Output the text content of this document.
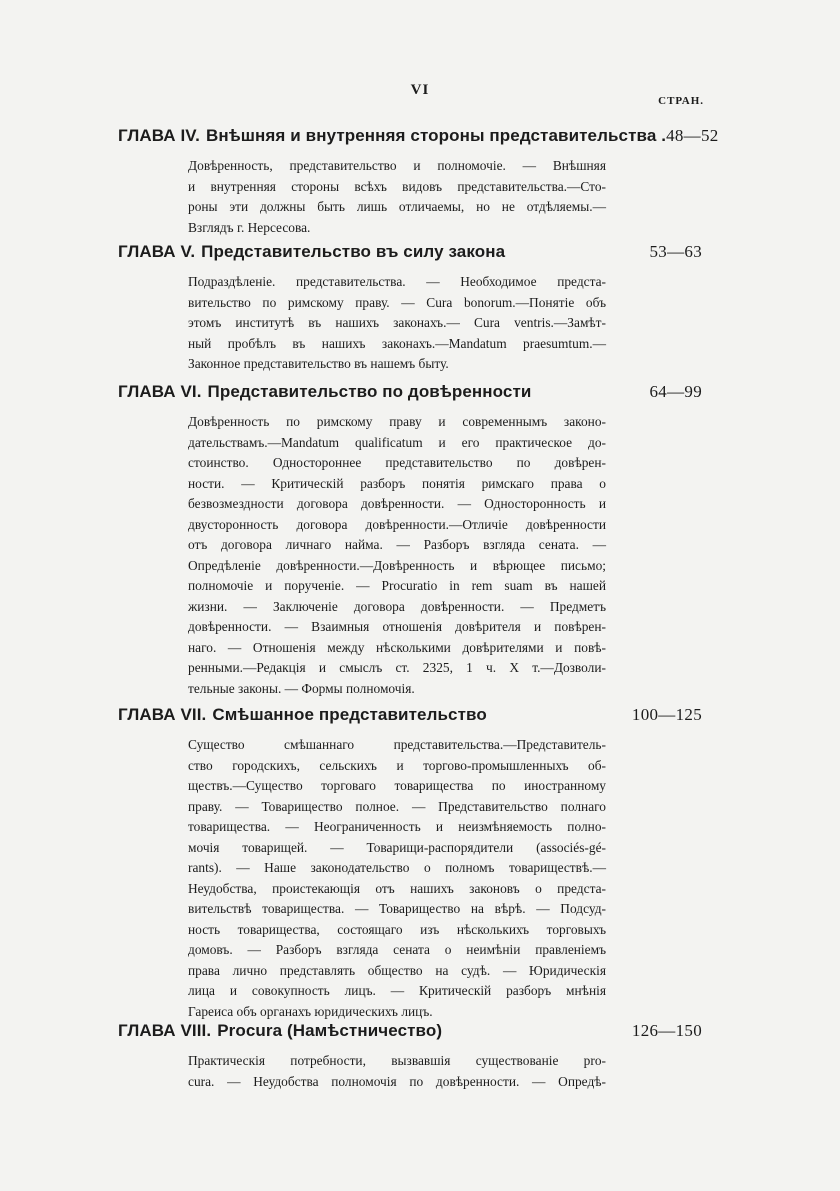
VI
СТРАН.
ГЛАВА IV. Внѣшняя и внутренняя стороны представительства . 48—52
Довѣренность, представительство и полномочіе. — Внѣшняя
и внутренняя стороны всѣхъ видовъ представительства.—Сто-
роны эти должны быть лишь отличаемы, но не отдѣляемы.—
Взглядъ г. Нерсесова.
ГЛАВА V. Представительство въ силу закона	53—63
Подраздѣленіе. представительства. — Необходимое предста-
вительство по римскому праву. — Cura bonorum.—Понятіе объ
этомъ институтѣ въ нашихъ законахъ.— Cura ventris.—Замѣт-
ный пробѣлъ въ нашихъ законахъ.—Mandatum praesumtum.—
Законное представительство въ нашемъ быту.
ГЛАВА VI. Представительство по довѣренности	64—99
Довѣренность по римскому праву и современнымъ законо-
дательствамъ.—Mandatum qualificatum и его практическое до-
стоинство. Одностороннее представительство по довѣрен-
ности. — Критическій разборъ понятія римскаго права о
безвозмездности договора довѣренности. — Односторонность и
двусторонность договора довѣренности.—Отличіе довѣренности
отъ договора личнаго найма. — Разборъ взгляда сената. —
Опредѣленіе довѣренности.—Довѣренность и вѣрющее письмо;
полномочіе и порученіе. — Procuratio in rem suam въ нашей
жизни. — Заключеніе договора довѣренности. — Предметъ
довѣренности. — Взаимныя отношенія довѣрителя и повѣрен-
наго. — Отношенія между нѣсколькими довѣрителями и повѣ-
ренными.—Редакція и смыслъ ст. 2325, 1 ч. X т.—Дозволи-
тельные законы. — Формы полномочія.
ГЛАВА VII. Смѣшанное представительство	100—125
Существо смѣшаннаго представительства.—Представитель-
ство городскихъ, сельскихъ и торгово-промышленныхъ об-
ществъ.—Существо торговаго товарищества по иностранному
праву. — Товарищество полное. — Представительство полнаго
товарищества. — Неограниченность и неизмѣняемость полно-
мочія товарищей. — Товарищи-распорядители (associés-gé-
rants). — Наше законодательство о полномъ товариществѣ.—
Неудобства, проистекающія отъ нашихъ законовъ о предста-
вительствѣ товарищества. — Товарищество на вѣрѣ. — Подсуд-
ность товарищества, состоящаго изъ нѣсколькихъ торговыхъ
домовъ. — Разборъ взгляда сената о неимѣніи правленіемъ
права лично представлять общество на судѣ. — Юридическія
лица и совокупность лицъ. — Критическій разборъ мнѣнія
Гареиса объ органахъ юридическихъ лицъ.
ГЛАВА VIII. Procura (Намѣстничество)	126—150
Практическія потребности, вызвавшія существованіе pro-
cura. — Неудобства полномочія по довѣренности. — Опредѣ-
